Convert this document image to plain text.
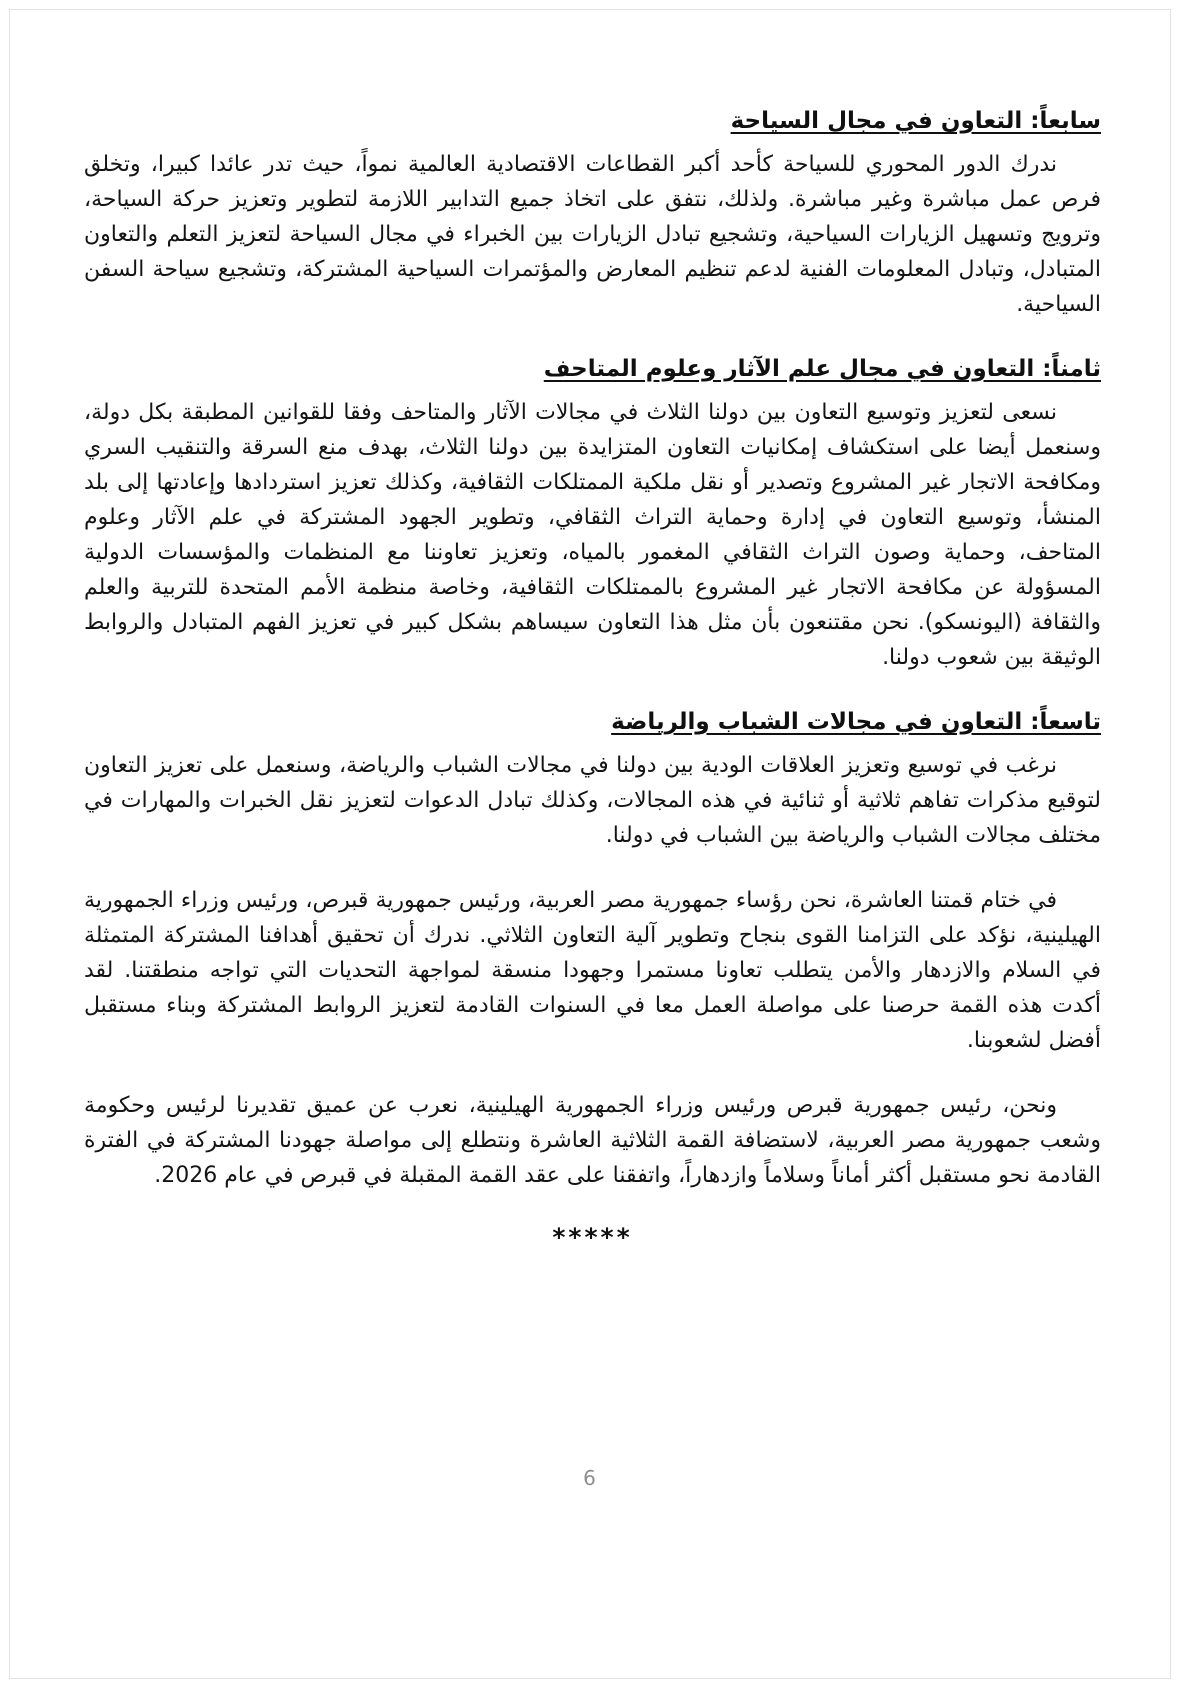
سابعاً: التعاون في مجال السياحة

ندرك الدور المحوري للسياحة كأحد أكبر القطاعات الاقتصادية العالمية نمواً، حيث تدر عائدا كبيرا، وتخلق فرص عمل مباشرة وغير مباشرة. ولذلك، نتفق على اتخاذ جميع التدابير اللازمة لتطوير وتعزيز حركة السياحة، وترويج وتسهيل الزيارات السياحية، وتشجيع تبادل الزيارات بين الخبراء في مجال السياحة لتعزيز التعلم والتعاون المتبادل، وتبادل المعلومات الفنية لدعم تنظيم المعارض والمؤتمرات السياحية المشتركة، وتشجيع سياحة السفن السياحية.

ثامناً: التعاون في مجال علم الآثار وعلوم المتاحف

نسعى لتعزيز وتوسيع التعاون بين دولنا الثلاث في مجالات الآثار والمتاحف وفقا للقوانين المطبقة بكل دولة، وسنعمل أيضا على استكشاف إمكانيات التعاون المتزايدة بين دولنا الثلاث، بهدف منع السرقة والتنقيب السري ومكافحة الاتجار غير المشروع وتصدير أو نقل ملكية الممتلكات الثقافية، وكذلك تعزيز استردادها وإعادتها إلى بلد المنشأ، وتوسيع التعاون في إدارة وحماية التراث الثقافي، وتطوير الجهود المشتركة في علم الآثار وعلوم المتاحف، وحماية وصون التراث الثقافي المغمور بالمياه، وتعزيز تعاوننا مع المنظمات والمؤسسات الدولية المسؤولة عن مكافحة الاتجار غير المشروع بالممتلكات الثقافية، وخاصة منظمة الأمم المتحدة للتربية والعلم والثقافة (اليونسكو). نحن مقتنعون بأن مثل هذا التعاون سيساهم بشكل كبير في تعزيز الفهم المتبادل والروابط الوثيقة بين شعوب دولنا.

تاسعاً: التعاون في مجالات الشباب والرياضة

نرغب في توسيع وتعزيز العلاقات الودية بين دولنا في مجالات الشباب والرياضة، وسنعمل على تعزيز التعاون لتوقيع مذكرات تفاهم ثلاثية أو ثنائية في هذه المجالات، وكذلك تبادل الدعوات لتعزيز نقل الخبرات والمهارات في مختلف مجالات الشباب والرياضة بين الشباب في دولنا.

في ختام قمتنا العاشرة، نحن رؤساء جمهورية مصر العربية، ورئيس جمهورية قبرص، ورئيس وزراء الجمهورية الهيلينية، نؤكد على التزامنا القوى بنجاح وتطوير آلية التعاون الثلاثي. ندرك أن تحقيق أهدافنا المشتركة المتمثلة في السلام والازدهار والأمن يتطلب تعاونا مستمرا وجهودا منسقة لمواجهة التحديات التي تواجه منطقتنا. لقد أكدت هذه القمة حرصنا على مواصلة العمل معا في السنوات القادمة لتعزيز الروابط المشتركة وبناء مستقبل أفضل لشعوبنا.

ونحن، رئيس جمهورية قبرص ورئيس وزراء الجمهورية الهيلينية، نعرب عن عميق تقديرنا لرئيس وحكومة وشعب جمهورية مصر العربية، لاستضافة القمة الثلاثية العاشرة ونتطلع إلى مواصلة جهودنا المشتركة في الفترة القادمة نحو مستقبل أكثر أماناً وسلاماً وازدهاراً، واتفقنا على عقد القمة المقبلة في قبرص في عام 2026.

*****
6
